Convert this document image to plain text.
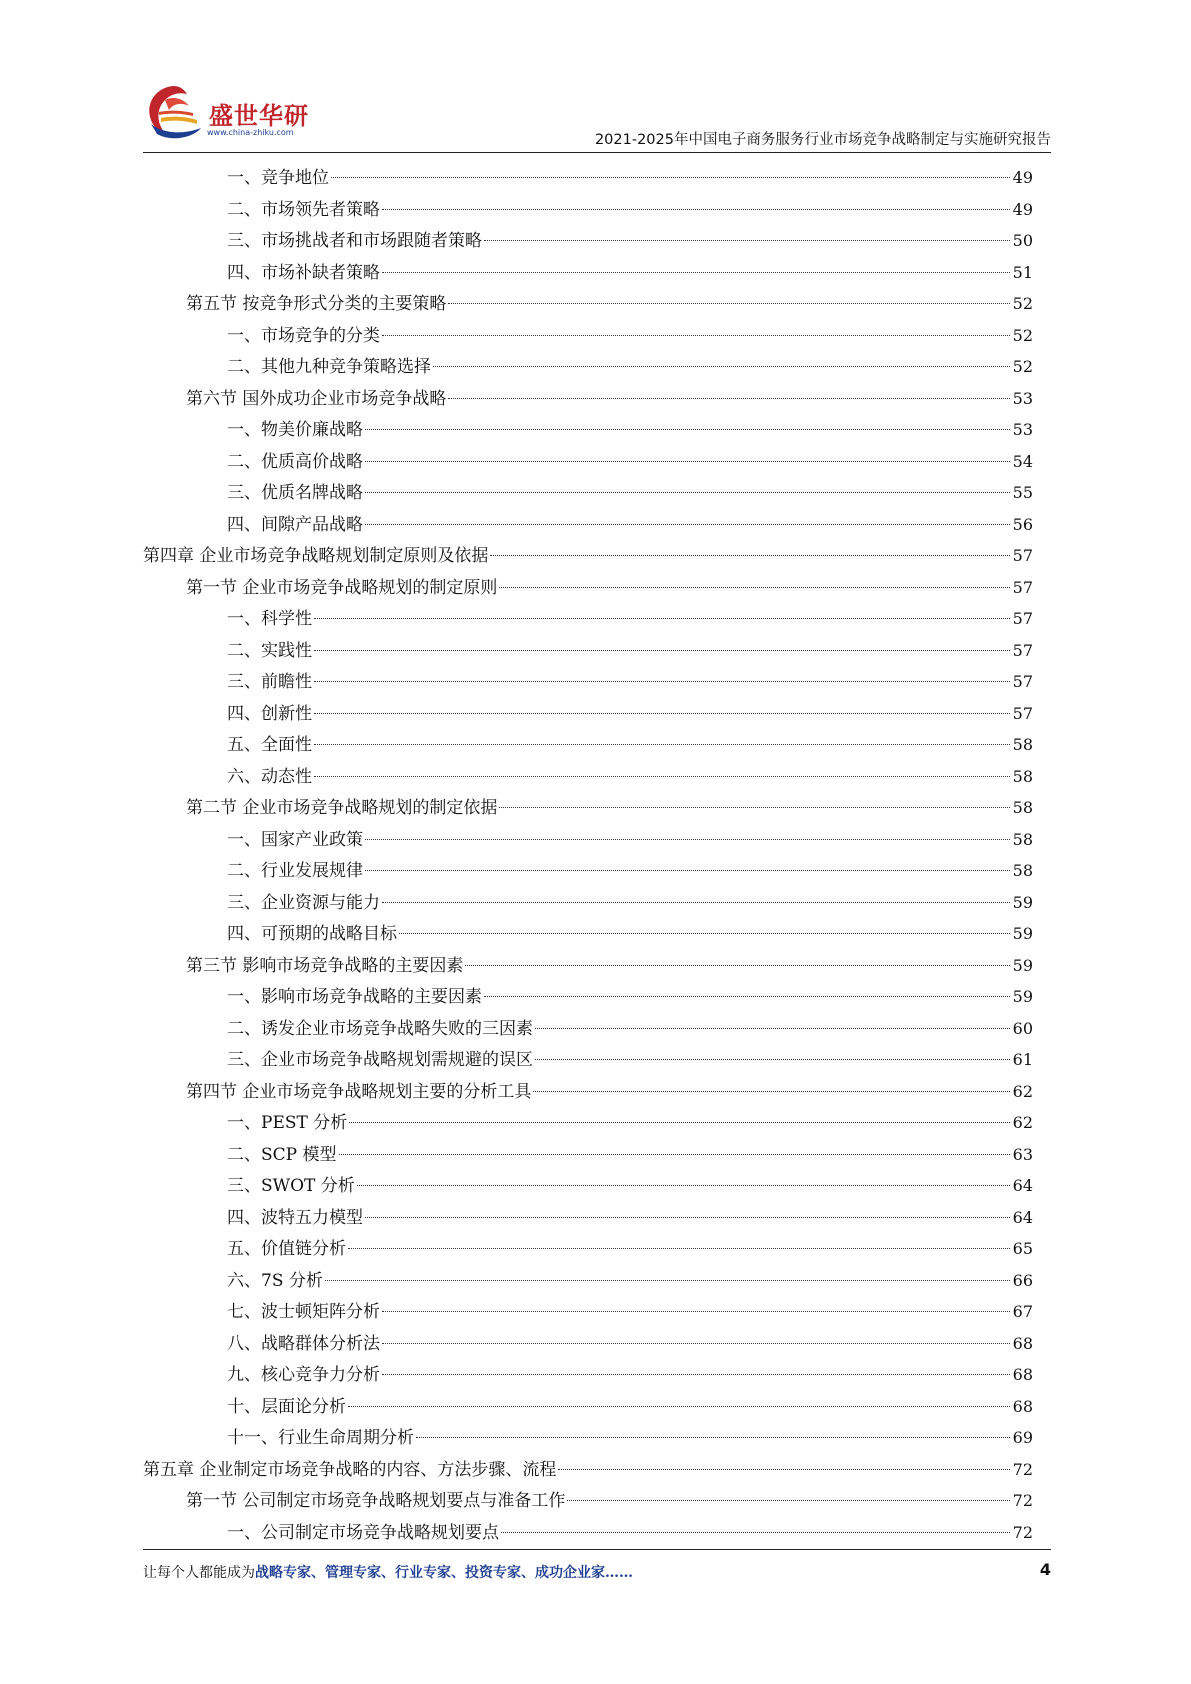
盛世华研
www.china-zhiku.com	2021-2025年中国电子商务服务行业市场竞争战略制定与实施研究报告
一、竞争地位	49
二、市场领先者策略	49
三、市场挑战者和市场跟随者策略	50
四、市场补缺者策略	51
第五节 按竞争形式分类的主要策略	52
一、市场竞争的分类	52
二、其他九种竞争策略选择	52
第六节 国外成功企业市场竞争战略	53
一、物美价廉战略	53
二、优质高价战略	54
三、优质名牌战略	55
四、间隙产品战略	56
第四章 企业市场竞争战略规划制定原则及依据	57
第一节 企业市场竞争战略规划的制定原则	57
一、科学性	57
二、实践性	57
三、前瞻性	57
四、创新性	57
五、全面性	58
六、动态性	58
第二节 企业市场竞争战略规划的制定依据	58
一、国家产业政策	58
二、行业发展规律	58
三、企业资源与能力	59
四、可预期的战略目标	59
第三节 影响市场竞争战略的主要因素	59
一、影响市场竞争战略的主要因素	59
二、诱发企业市场竞争战略失败的三因素	60
三、企业市场竞争战略规划需规避的误区	61
第四节 企业市场竞争战略规划主要的分析工具	62
一、PEST 分析	62
二、SCP 模型	63
三、SWOT 分析	64
四、波特五力模型	64
五、价值链分析	65
六、7S 分析	66
七、波士顿矩阵分析	67
八、战略群体分析法	68
九、核心竞争力分析	68
十、层面论分析	68
十一、行业生命周期分析	69
第五章 企业制定市场竞争战略的内容、方法步骤、流程	72
第一节 公司制定市场竞争战略规划要点与准备工作	72
一、公司制定市场竞争战略规划要点	72
让每个人都能成为战略专家、管理专家、行业专家、投资专家、成功企业家……	4
